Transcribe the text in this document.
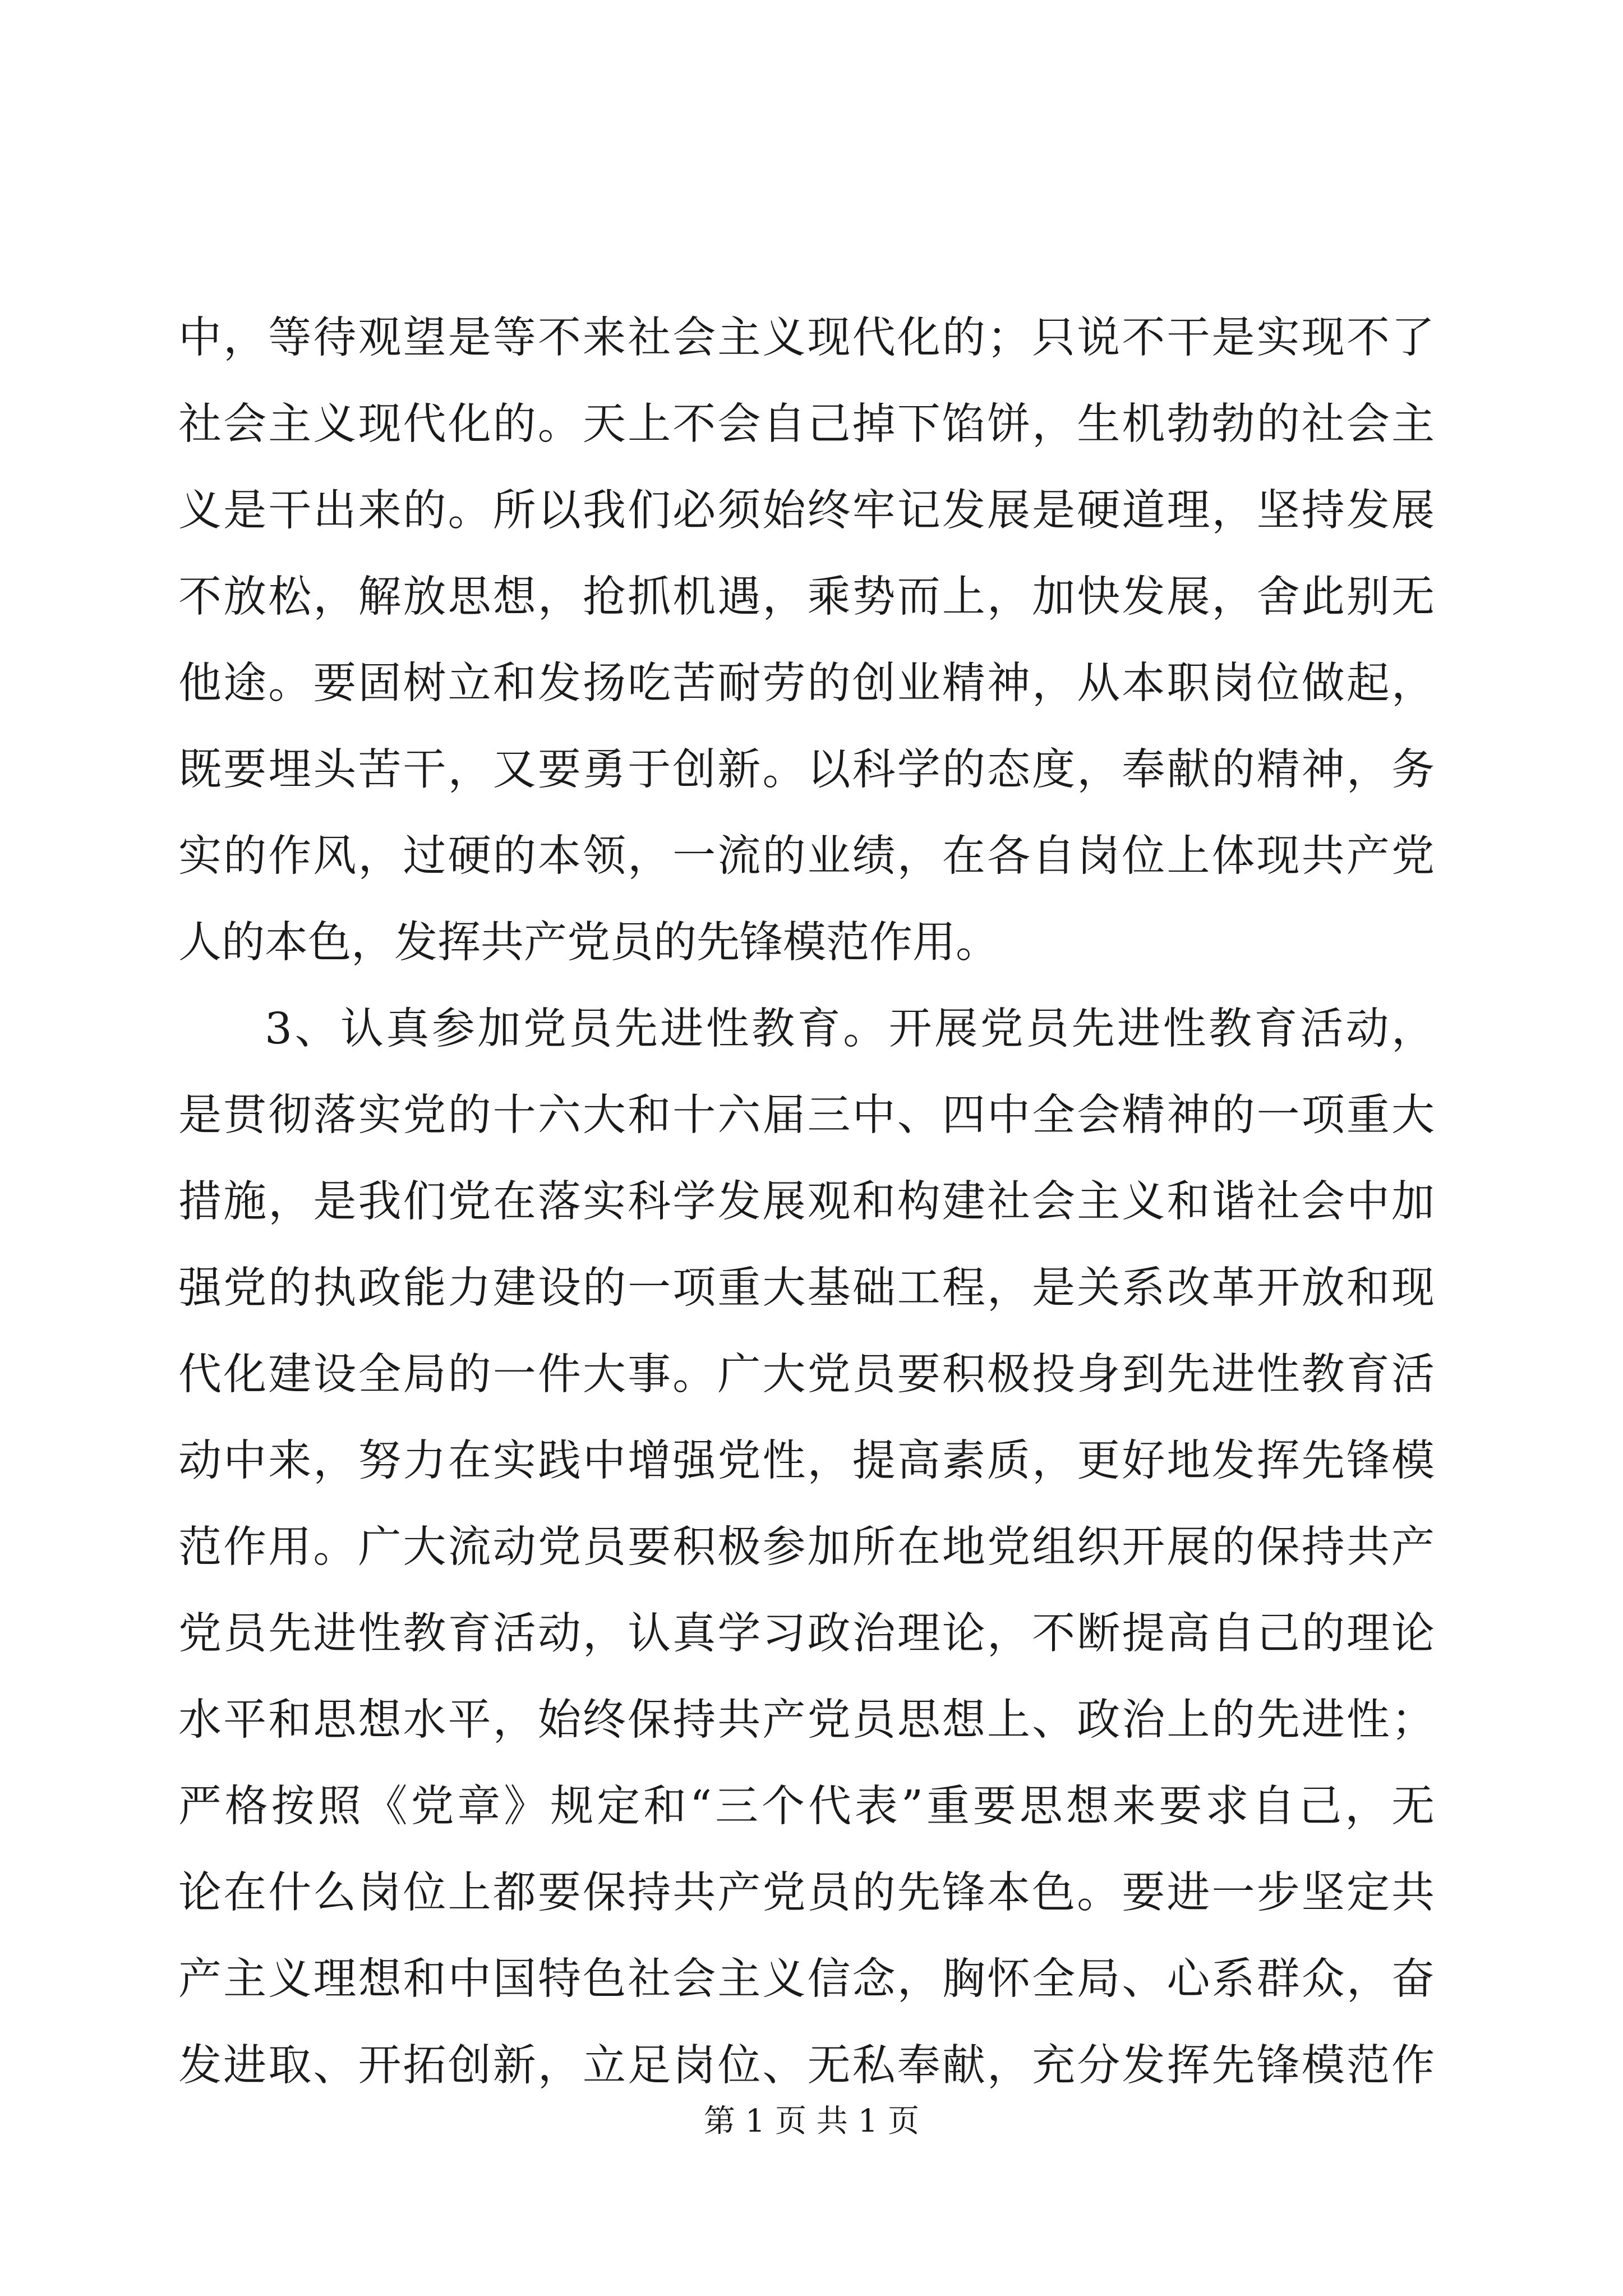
中，等待观望是等不来社会主义现代化的；只说不干是实现不了
社会主义现代化的。天上不会自己掉下馅饼，生机勃勃的社会主
义是干出来的。所以我们必须始终牢记发展是硬道理，坚持发展
不放松，解放思想，抢抓机遇，乘势而上，加快发展，舍此别无
他途。要固树立和发扬吃苦耐劳的创业精神，从本职岗位做起，
既要埋头苦干，又要勇于创新。以科学的态度，奉献的精神，务
实的作风，过硬的本领，一流的业绩，在各自岗位上体现共产党
人的本色，发挥共产党员的先锋模范作用。
3、认真参加党员先进性教育。开展党员先进性教育活动，
是贯彻落实党的十六大和十六届三中、四中全会精神的一项重大
措施，是我们党在落实科学发展观和构建社会主义和谐社会中加
强党的执政能力建设的一项重大基础工程，是关系改革开放和现
代化建设全局的一件大事。广大党员要积极投身到先进性教育活
动中来，努力在实践中增强党性，提高素质，更好地发挥先锋模
范作用。广大流动党员要积极参加所在地党组织开展的保持共产
党员先进性教育活动，认真学习政治理论，不断提高自己的理论
水平和思想水平，始终保持共产党员思想上、政治上的先进性；
严格按照《党章》规定和“三个代表”重要思想来要求自己，无
论在什么岗位上都要保持共产党员的先锋本色。要进一步坚定共
产主义理想和中国特色社会主义信念，胸怀全局、心系群众，奋
发进取、开拓创新，立足岗位、无私奉献，充分发挥先锋模范作
第 1 页 共 1 页
